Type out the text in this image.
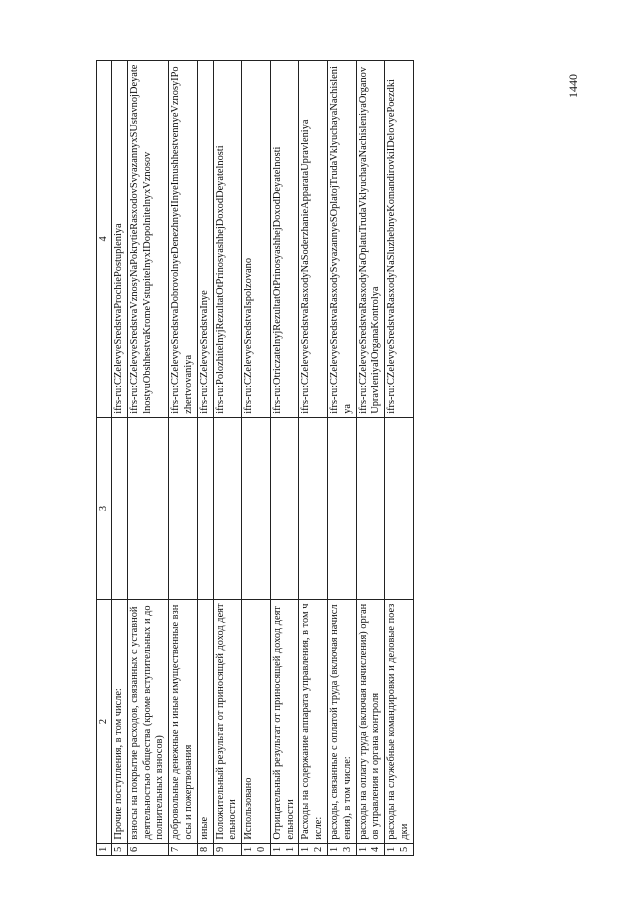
1440
1	2	3	4
5	Прочие поступления, в том числе:		ifrs-ru:CZelevyeSredstvaProchiePostupleniya
6	взносы на покрытие расходов, связанных с уставной деятельностью общества (кроме вступительных и дополнительных взносов)		ifrs-ru:CZelevyeSredstvaVznosyNaPokrytieRasxodovSvyazannyxSUstavnojDeyatelnostyuObshhestvaKromeVstupitelnyxIDopolnitelnyxVznosov
7	добровольные денежные и иные имущественные взносы и пожертвования		ifrs-ru:CZelevyeSredstvaDobrovolnyeDenezhnyeIInyeImushhestvennyeVznosyIPozhertvovaniya
8	иные		ifrs-ru:CZelevyeSredstvaInye
9	Положительный результат от приносящей доход деятельности		ifrs-ru:PolozhitelnyjRezultatOtPrinosyashhejDoxodDeyatelnosti
10	Использовано		ifrs-ru:CZelevyeSredstvaIspolzovano
11	Отрицательный результат от приносящей доход деятельности		ifrs-ru:OtriczatelnyjRezultatOtPrinosyashhejDoxodDeyatelnosti
12	Расходы на содержание аппарата управления, в том числе:		ifrs-ru:CZelevyeSredstvaRasxodyNaSoderzhanieApparataUpravleniya
13	расходы, связанные с оплатой труда (включая начисления), в том числе:		ifrs-ru:CZelevyeSredstvaRasxodySvyazannyeSOplatojTrudaVklyuchayaNachisleniya
14	расходы на оплату труда (включая начисления) органов управления и органа контроля		ifrs-ru:CZelevyeSredstvaRasxodyNaOplatuTrudaVklyuchayaNachisleniyaOrganovUpravleniyaIOrganaKontrolya
15	расходы на служебные командировки и деловые поездки		ifrs-ru:CZelevyeSredstvaRasxodyNaSluzhebnyeKomandirovkiIDelovyePoezdki
